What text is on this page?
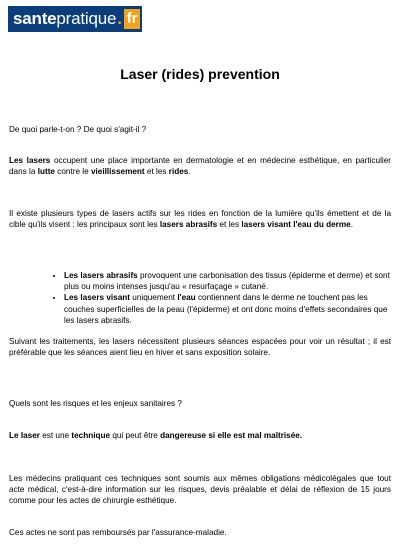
sante pratique . fr
Laser (rides) prevention

De quoi parle-t-on ? De quoi s'agit-il ?

Les lasers occupent une place importante en dermatologie et en médecine esthétique, en particulier dans la lutte contre le vieillissement et les rides.

Il existe plusieurs types de lasers actifs sur les rides en fonction de la lumière qu'ils émettent et de la cible qu'ils visent : les principaux sont les lasers abrasifs et les lasers visant l'eau du derme.

• Les lasers abrasifs provoquent une carbonisation des tissus (épiderme et derme) et sont plus ou moins intenses jusqu'au « resurfaçage » cutané.
• Les lasers visant uniquement l'eau contiennent dans le derme ne touchent pas les couches superficielles de la peau (l'épiderme) et ont donc moins d'effets secondaires que les lasers abrasifs.

Suivant les traitements, les lasers nécessitent plusieurs séances espacées pour voir un résultat ; il est préférable que les séances aient lieu en hiver et sans exposition solaire.

Quels sont les risques et les enjeux sanitaires ?

Le laser est une technique qui peut être dangereuse si elle est mal maîtrisée.

Les médecins pratiquant ces techniques sont soumis aux mêmes obligations médicolégales que tout acte médical, c'est-à-dire information sur les risques, devis préalable et délai de réflexion de 15 jours comme pour les actes de chirurgie esthétique.

Ces actes ne sont pas remboursés par l'assurance-maladie.
